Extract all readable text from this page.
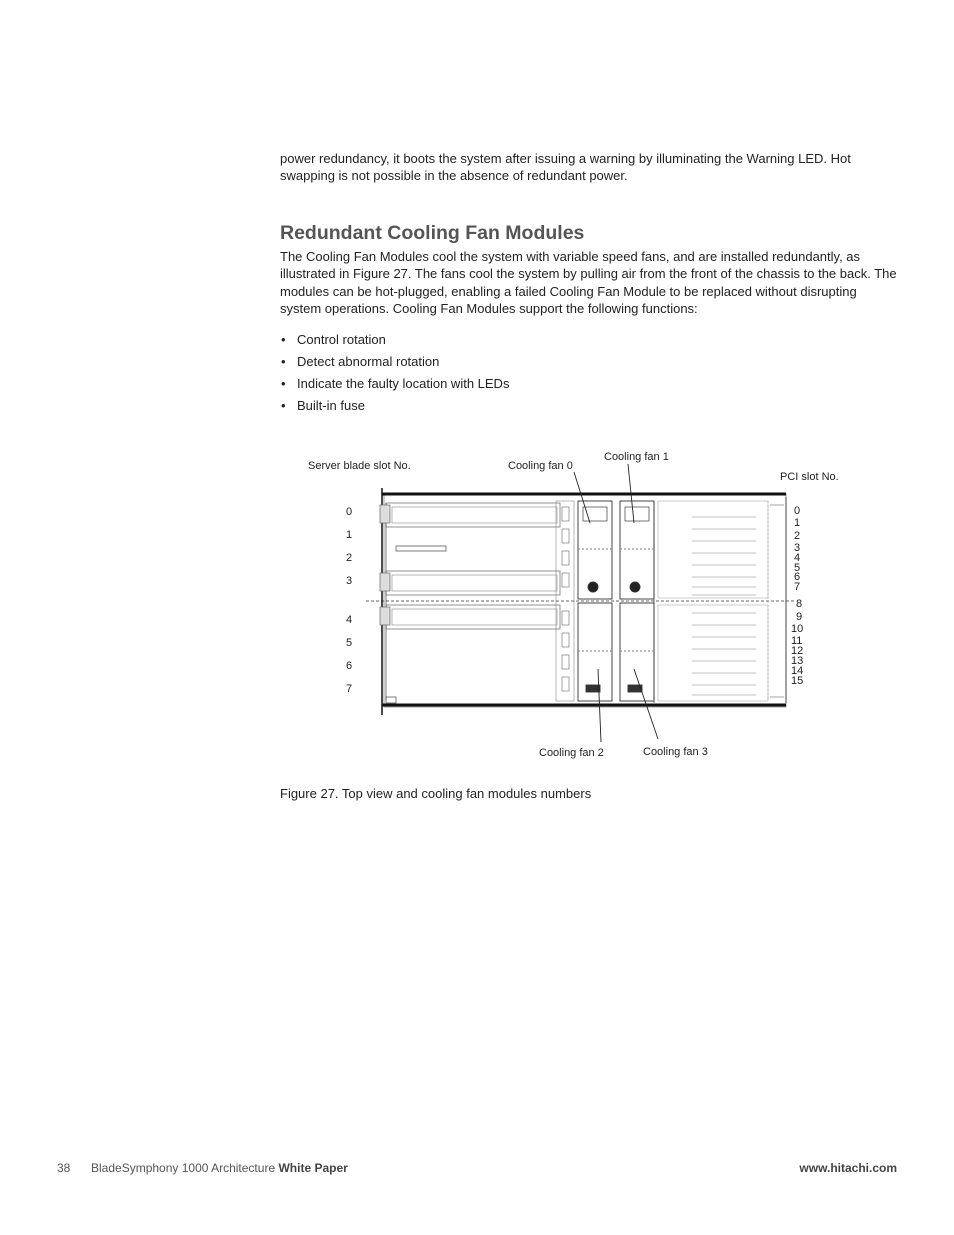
power redundancy, it boots the system after issuing a warning by illuminating the Warning LED. Hot swapping is not possible in the absence of redundant power.

Redundant Cooling Fan Modules

The Cooling Fan Modules cool the system with variable speed fans, and are installed redundantly, as illustrated in Figure 27. The fans cool the system by pulling air from the front of the chassis to the back. The modules can be hot-plugged, enabling a failed Cooling Fan Module to be replaced without disrupting system operations. Cooling Fan Modules support the following functions:

• Control rotation
• Detect abnormal rotation
• Indicate the faulty location with LEDs
• Built-in fuse
Server blade slot No.
PCI slot No.
Cooling fan 0
Cooling fan 1
Cooling fan 2	Cooling fan 3
0
1
2
3
4
5
6
7
0
1
2
3
4
5
6
7
8
9
10
11
12
13
14
15

Figure 27. Top view and cooling fan modules numbers

38 BladeSymphony 1000 Architecture White Paper	www.hitachi.com
